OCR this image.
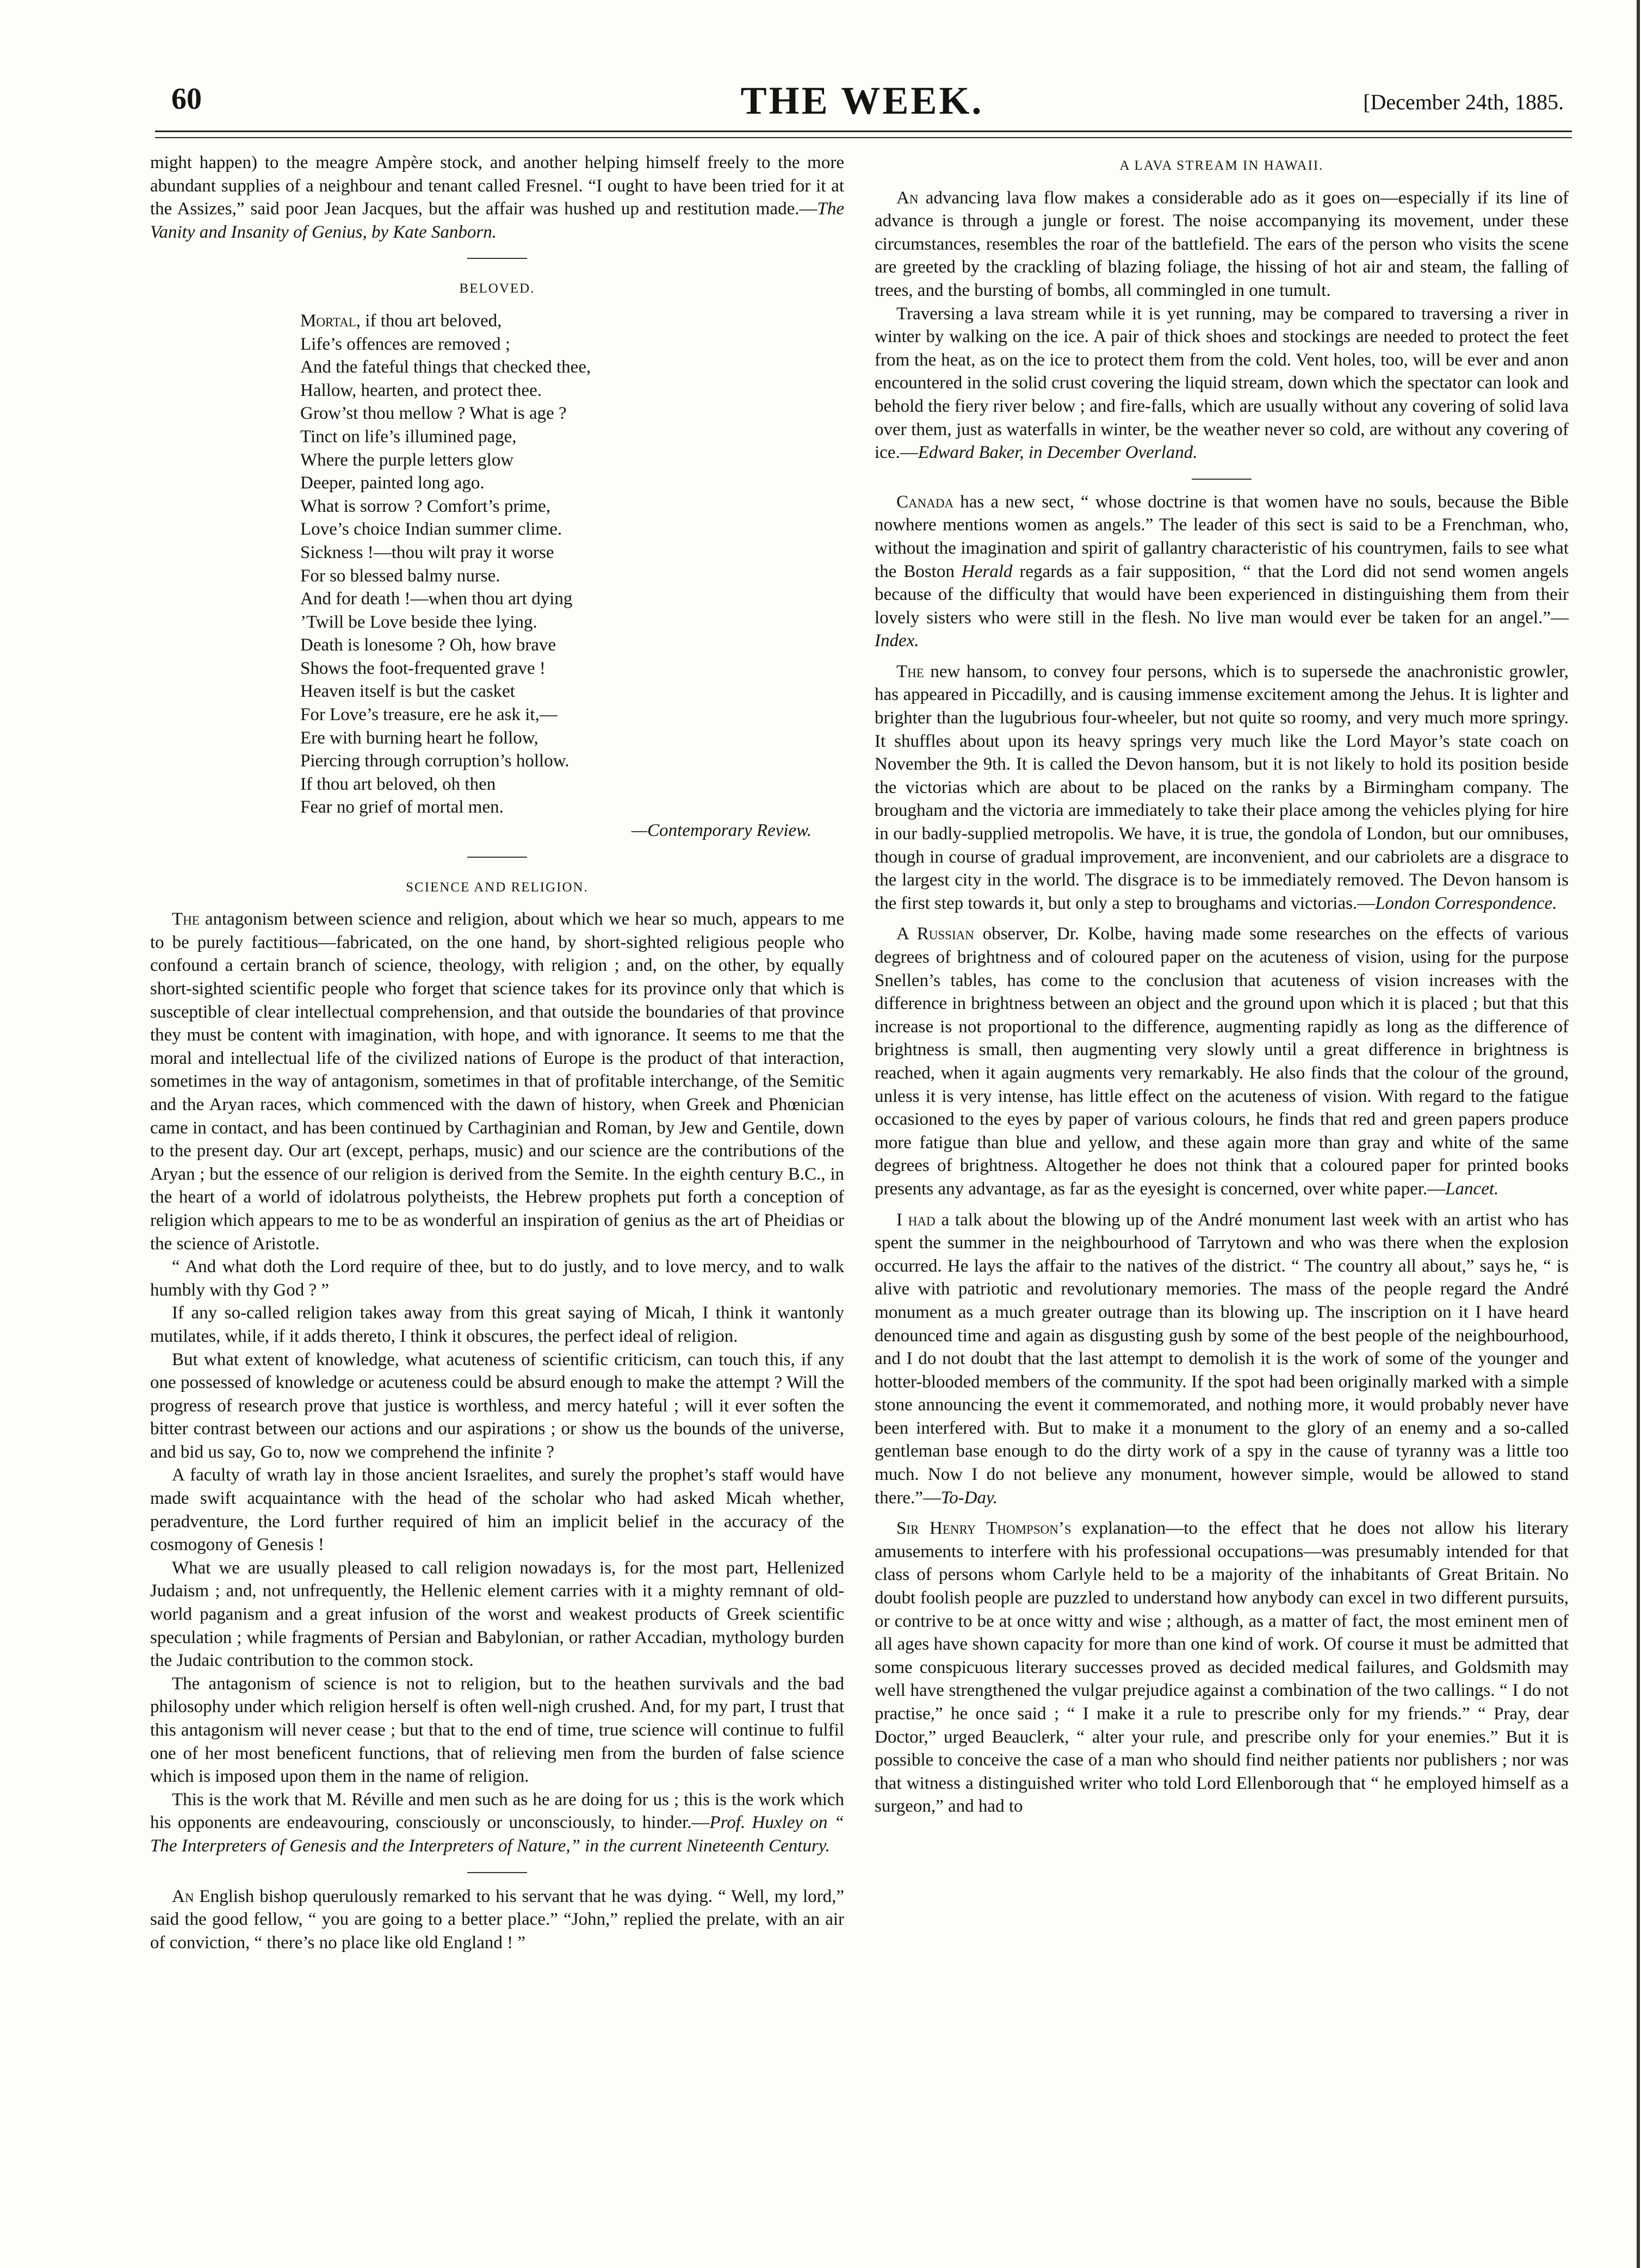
60	THE WEEK.	[December 24th, 1885.

might happen) to the meagre Ampère stock, and another helping himself freely to the more abundant supplies of a neighbour and tenant called Fresnel. “I ought to have been tried for it at the Assizes,” said poor Jean Jacques, but the affair was hushed up and restitution made.—The Vanity and Insanity of Genius, by Kate Sanborn.

BELOVED.
Mortal, if thou art beloved,
Life’s offences are removed ;
And the fateful things that checked thee,
Hallow, hearten, and protect thee.
Grow’st thou mellow ? What is age ?
Tinct on life’s illumined page,
Where the purple letters glow
Deeper, painted long ago.
What is sorrow ? Comfort’s prime,
Love’s choice Indian summer clime.
Sickness !—thou wilt pray it worse
For so blessed balmy nurse.
And for death !—when thou art dying
’Twill be Love beside thee lying.
Death is lonesome ? Oh, how brave
Shows the foot-frequented grave !
Heaven itself is but the casket
For Love’s treasure, ere he ask it,—
Ere with burning heart he follow,
Piercing through corruption’s hollow.
If thou art beloved, oh then
Fear no grief of mortal men.
—Contemporary Review.
SCIENCE AND RELIGION.

The antagonism between science and religion, about which we hear so much, appears to me to be purely factitious—fabricated, on the one hand, by short-sighted religious people who confound a certain branch of science, theology, with religion ; and, on the other, by equally short-sighted scientific people who forget that science takes for its province only that which is susceptible of clear intellectual comprehension, and that outside the boundaries of that province they must be content with imagination, with hope, and with ignorance. It seems to me that the moral and intellectual life of the civilized nations of Europe is the product of that interaction, sometimes in the way of antagonism, sometimes in that of profitable interchange, of the Semitic and the Aryan races, which commenced with the dawn of history, when Greek and Phœnician came in contact, and has been continued by Carthaginian and Roman, by Jew and Gentile, down to the present day. Our art (except, perhaps, music) and our science are the contributions of the Aryan ; but the essence of our religion is derived from the Semite. In the eighth century B.C., in the heart of a world of idolatrous polytheists, the Hebrew prophets put forth a conception of religion which appears to me to be as wonderful an inspiration of genius as the art of Pheidias or the science of Aristotle.

“ And what doth the Lord require of thee, but to do justly, and to love mercy, and to walk humbly with thy God ? ”

If any so-called religion takes away from this great saying of Micah, I think it wantonly mutilates, while, if it adds thereto, I think it obscures, the perfect ideal of religion.

But what extent of knowledge, what acuteness of scientific criticism, can touch this, if any one possessed of knowledge or acuteness could be absurd enough to make the attempt ? Will the progress of research prove that justice is worthless, and mercy hateful ; will it ever soften the bitter contrast between our actions and our aspirations ; or show us the bounds of the universe, and bid us say, Go to, now we comprehend the infinite ?

A faculty of wrath lay in those ancient Israelites, and surely the prophet’s staff would have made swift acquaintance with the head of the scholar who had asked Micah whether, peradventure, the Lord further required of him an implicit belief in the accuracy of the cosmogony of Genesis !

What we are usually pleased to call religion nowadays is, for the most part, Hellenized Judaism ; and, not unfrequently, the Hellenic element carries with it a mighty remnant of old-world paganism and a great infusion of the worst and weakest products of Greek scientific speculation ; while fragments of Persian and Babylonian, or rather Accadian, mythology burden the Judaic contribution to the common stock.

The antagonism of science is not to religion, but to the heathen survivals and the bad philosophy under which religion herself is often well-nigh crushed. And, for my part, I trust that this antagonism will never cease ; but that to the end of time, true science will continue to fulfil one of her most beneficent functions, that of relieving men from the burden of false science which is imposed upon them in the name of religion.

This is the work that M. Réville and men such as he are doing for us ; this is the work which his opponents are endeavouring, consciously or unconsciously, to hinder.—Prof. Huxley on “ The Interpreters of Genesis and the Interpreters of Nature,” in the current Nineteenth Century.

An English bishop querulously remarked to his servant that he was dying. “ Well, my lord,” said the good fellow, “ you are going to a better place.” “John,” replied the prelate, with an air of conviction, “ there’s no place like old England ! ”

A LAVA STREAM IN HAWAII.

An advancing lava flow makes a considerable ado as it goes on—especially if its line of advance is through a jungle or forest. The noise accompanying its movement, under these circumstances, resembles the roar of the battlefield. The ears of the person who visits the scene are greeted by the crackling of blazing foliage, the hissing of hot air and steam, the falling of trees, and the bursting of bombs, all commingled in one tumult.

Traversing a lava stream while it is yet running, may be compared to traversing a river in winter by walking on the ice. A pair of thick shoes and stockings are needed to protect the feet from the heat, as on the ice to protect them from the cold. Vent holes, too, will be ever and anon encountered in the solid crust covering the liquid stream, down which the spectator can look and behold the fiery river below ; and fire-falls, which are usually without any covering of solid lava over them, just as waterfalls in winter, be the weather never so cold, are without any covering of ice.—Edward Baker, in December Overland.

Canada has a new sect, “ whose doctrine is that women have no souls, because the Bible nowhere mentions women as angels.” The leader of this sect is said to be a Frenchman, who, without the imagination and spirit of gallantry characteristic of his countrymen, fails to see what the Boston Herald regards as a fair supposition, “ that the Lord did not send women angels because of the difficulty that would have been experienced in distinguishing them from their lovely sisters who were still in the flesh. No live man would ever be taken for an angel.”—Index.

The new hansom, to convey four persons, which is to supersede the anachronistic growler, has appeared in Piccadilly, and is causing immense excitement among the Jehus. It is lighter and brighter than the lugubrious four-wheeler, but not quite so roomy, and very much more springy. It shuffles about upon its heavy springs very much like the Lord Mayor’s state coach on November the 9th. It is called the Devon hansom, but it is not likely to hold its position beside the victorias which are about to be placed on the ranks by a Birmingham company. The brougham and the victoria are immediately to take their place among the vehicles plying for hire in our badly-supplied metropolis. We have, it is true, the gondola of London, but our omnibuses, though in course of gradual improvement, are inconvenient, and our cabriolets are a disgrace to the largest city in the world. The disgrace is to be immediately removed. The Devon hansom is the first step towards it, but only a step to broughams and victorias.—London Correspondence.

A Russian observer, Dr. Kolbe, having made some researches on the effects of various degrees of brightness and of coloured paper on the acuteness of vision, using for the purpose Snellen’s tables, has come to the conclusion that acuteness of vision increases with the difference in brightness between an object and the ground upon which it is placed ; but that this increase is not proportional to the difference, augmenting rapidly as long as the difference of brightness is small, then augmenting very slowly until a great difference in brightness is reached, when it again augments very remarkably. He also finds that the colour of the ground, unless it is very intense, has little effect on the acuteness of vision. With regard to the fatigue occasioned to the eyes by paper of various colours, he finds that red and green papers produce more fatigue than blue and yellow, and these again more than gray and white of the same degrees of brightness. Altogether he does not think that a coloured paper for printed books presents any advantage, as far as the eyesight is concerned, over white paper.—Lancet.

I had a talk about the blowing up of the André monument last week with an artist who has spent the summer in the neighbourhood of Tarrytown and who was there when the explosion occurred. He lays the affair to the natives of the district. “ The country all about,” says he, “ is alive with patriotic and revolutionary memories. The mass of the people regard the André monument as a much greater outrage than its blowing up. The inscription on it I have heard denounced time and again as disgusting gush by some of the best people of the neighbourhood, and I do not doubt that the last attempt to demolish it is the work of some of the younger and hotter-blooded members of the community. If the spot had been originally marked with a simple stone announcing the event it commemorated, and nothing more, it would probably never have been interfered with. But to make it a monument to the glory of an enemy and a so-called gentleman base enough to do the dirty work of a spy in the cause of tyranny was a little too much. Now I do not believe any monument, however simple, would be allowed to stand there.”—To-Day.

Sir Henry Thompson’s explanation—to the effect that he does not allow his literary amusements to interfere with his professional occupations—was presumably intended for that class of persons whom Carlyle held to be a majority of the inhabitants of Great Britain. No doubt foolish people are puzzled to understand how anybody can excel in two different pursuits, or contrive to be at once witty and wise ; although, as a matter of fact, the most eminent men of all ages have shown capacity for more than one kind of work. Of course it must be admitted that some conspicuous literary successes proved as decided medical failures, and Goldsmith may well have strengthened the vulgar prejudice against a combination of the two callings. “ I do not practise,” he once said ; “ I make it a rule to prescribe only for my friends.” “ Pray, dear Doctor,” urged Beauclerk, “ alter your rule, and prescribe only for your enemies.” But it is possible to conceive the case of a man who should find neither patients nor publishers ; nor was that witness a distinguished writer who told Lord Ellenborough that “ he employed himself as a surgeon,” and had to
